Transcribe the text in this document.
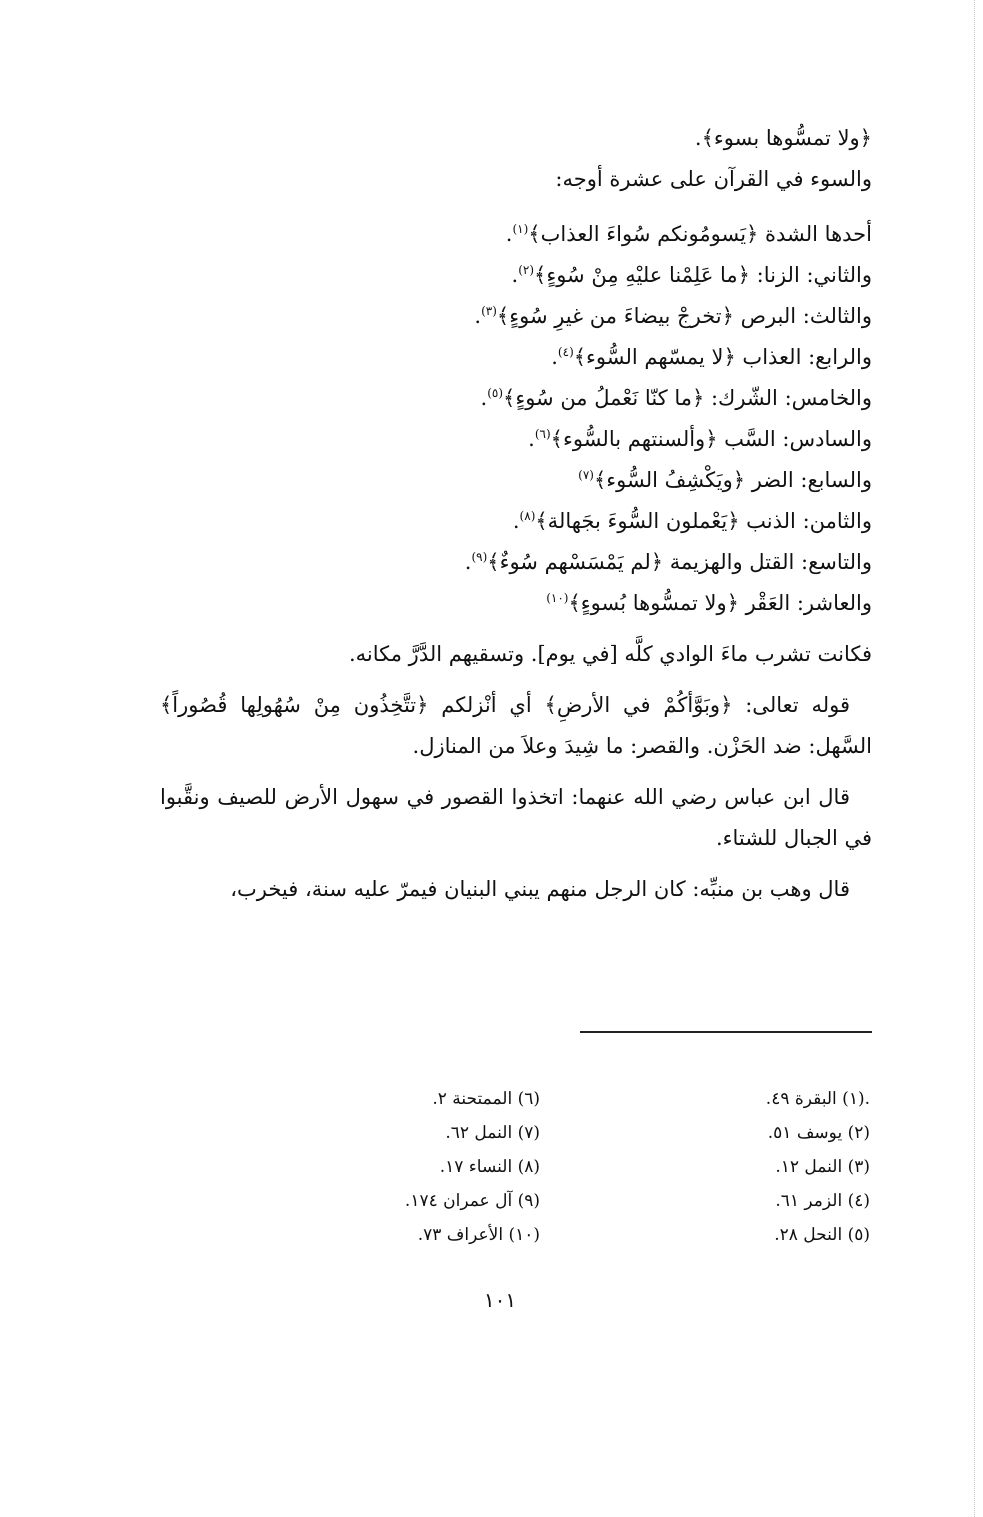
﴿ولا تمسُّوها بسوء﴾.
والسوء في القرآن على عشرة أوجه:
أحدها الشدة ﴿يَسومُونكم سُواءَ العذاب﴾$^{(١)}$.
والثاني: الزنا: ﴿ما عَلِمْنا عليْهِ مِنْ سُوءٍ﴾$^{(٢)}$.
والثالث: البرص ﴿تخرجْ بيضاءَ من غيرِ سُوءٍ﴾$^{(٣)}$.
والرابع: العذاب ﴿لا يمسّهم السُّوء﴾$^{(٤)}$.
والخامس: الشّرك: ﴿ما كنّا نَعْملُ من سُوءٍ﴾$^{(٥)}$.
والسادس: السَّب ﴿وألسنتهم بالسُّوء﴾$^{(٦)}$.
والسابع: الضر ﴿ويَكْشِفُ السُّوء﴾$^{(٧)}$
والثامن: الذنب ﴿يَعْملون السُّوءَ بجَهالة﴾$^{(٨)}$.
والتاسع: القتل والهزيمة ﴿لم يَمْسَسْهم سُوءٌ﴾$^{(٩)}$.
والعاشر: العَقْر ﴿ولا تمسُّوها بُسوءٍ﴾$^{(١٠)}$
فكانت تشرب ماءَ الوادي كلَّه [في يوم]. وتسقيهم الدَّرَّ مكانه.
قوله تعالى: ﴿وبَوَّأكُمْ في الأرضِ﴾ أي أنْزلكم ﴿تتَّخِذُون مِنْ سُهُولِها قُصُوراً﴾ السَّهل: ضد الحَزْن. والقصر: ما شِيدَ وعلاَ من المنازل.
قال ابن عباس رضي الله عنهما: اتخذوا القصور في سهول الأرض للصيف ونقَّبوا في الجبال للشتاء.
قال وهب بن منبِّه: كان الرجل منهم يبني البنيان فيمرّ عليه سنة، فيخرب،
.(١) البقرة ٤٩.
(٢) يوسف ٥١.
(٣) النمل ١٢.
(٤) الزمر ٦١.
(٥) النحل ٢٨.
(٦) الممتحنة ٢.
(٧) النمل ٦٢.
(٨) النساء ١٧.
(٩) آل عمران ١٧٤.
(١٠) الأعراف ٧٣.
١٠١
